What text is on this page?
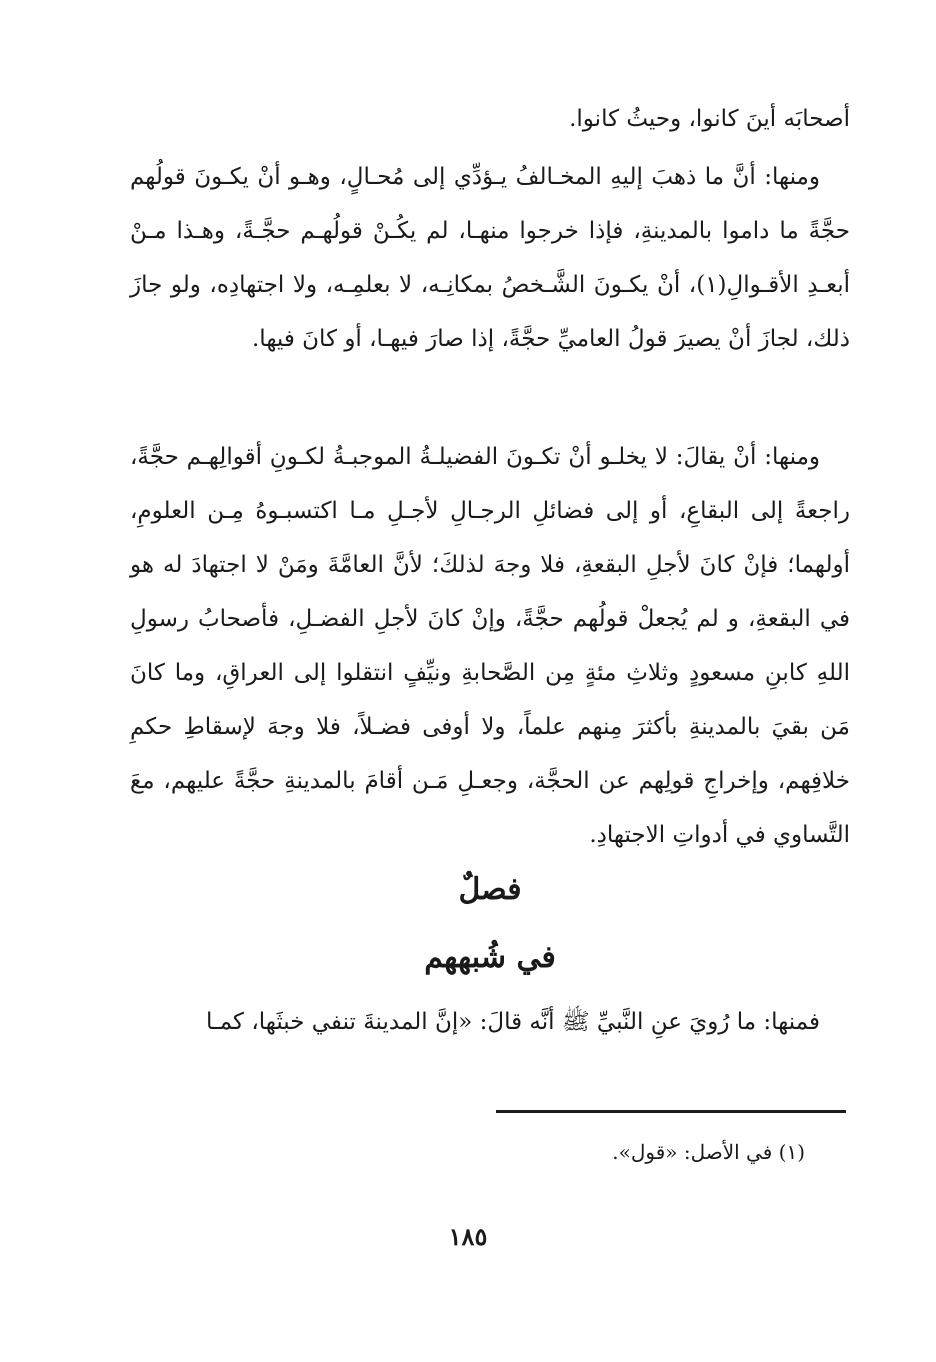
أصحابَه أينَ كانوا، وحيثُ كانوا.

ومنها: أنَّ ما ذهبَ إليهِ المخـالفُ يـؤدِّي إلى مُحـالٍ، وهـو أنْ يكـونَ قولُهم حجَّةً ما داموا بالمدينةِ، فإذا خرجوا منهـا، لم يكُـنْ قولُهـم حجَّـةً، وهـذا مـنْ أبعـدِ الأقـوالِ(١)، أنْ يكـونَ الشَّـخصُ بمكانِـه، لا بعلمِـه، ولا اجتهادِه، ولو جازَ ذلك، لجازَ أنْ يصيرَ قولُ العاميِّ حجَّةً، إذا صارَ فيهـا، أو كانَ فيها.

ومنها: أنْ يقالَ: لا يخلـو أنْ تكـونَ الفضيلـةُ الموجبـةُ لكـونِ أقوالِهـم حجَّةً، راجعةً إلى البقاعِ، أو إلى فضائلِ الرجـالِ لأجـلِ مـا اكتسبـوهُ مِـن العلومِ، أولهما؛ فإنْ كانَ لأجلِ البقعةِ، فلا وجهَ لذلكَ؛ لأنَّ العامَّةَ ومَنْ لا اجتهادَ له هو في البقعةِ، و لم يُجعلْ قولُهم حجَّةً، وإنْ كانَ لأجلِ الفضـلِ، فأصحابُ رسولِ اللهِ كابنِ مسعودٍ وثلاثِ مئةٍ مِن الصَّحابةِ ونيِّفٍ انتقلوا إلى العراقِ، وما كانَ مَن بقيَ بالمدينةِ بأكثرَ مِنهم علماً، ولا أوفى فضـلاً، فلا وجهَ لإسقاطِ حكمِ خلافِهم، وإخراجِ قولِهم عن الحجَّة، وجعـلِ مَـن أقامَ بالمدينةِ حجَّةً عليهم، معَ التَّساوي في أدواتِ الاجتهادِ.

فصلٌ
في شُبههم

فمنها: ما رُويَ عنِ النَّبيِّ ﷺ أنَّه قالَ: «إنَّ المدينةَ تنفي خبثَها، كمـا

(١) في الأصل: «قول».
١٨٥
